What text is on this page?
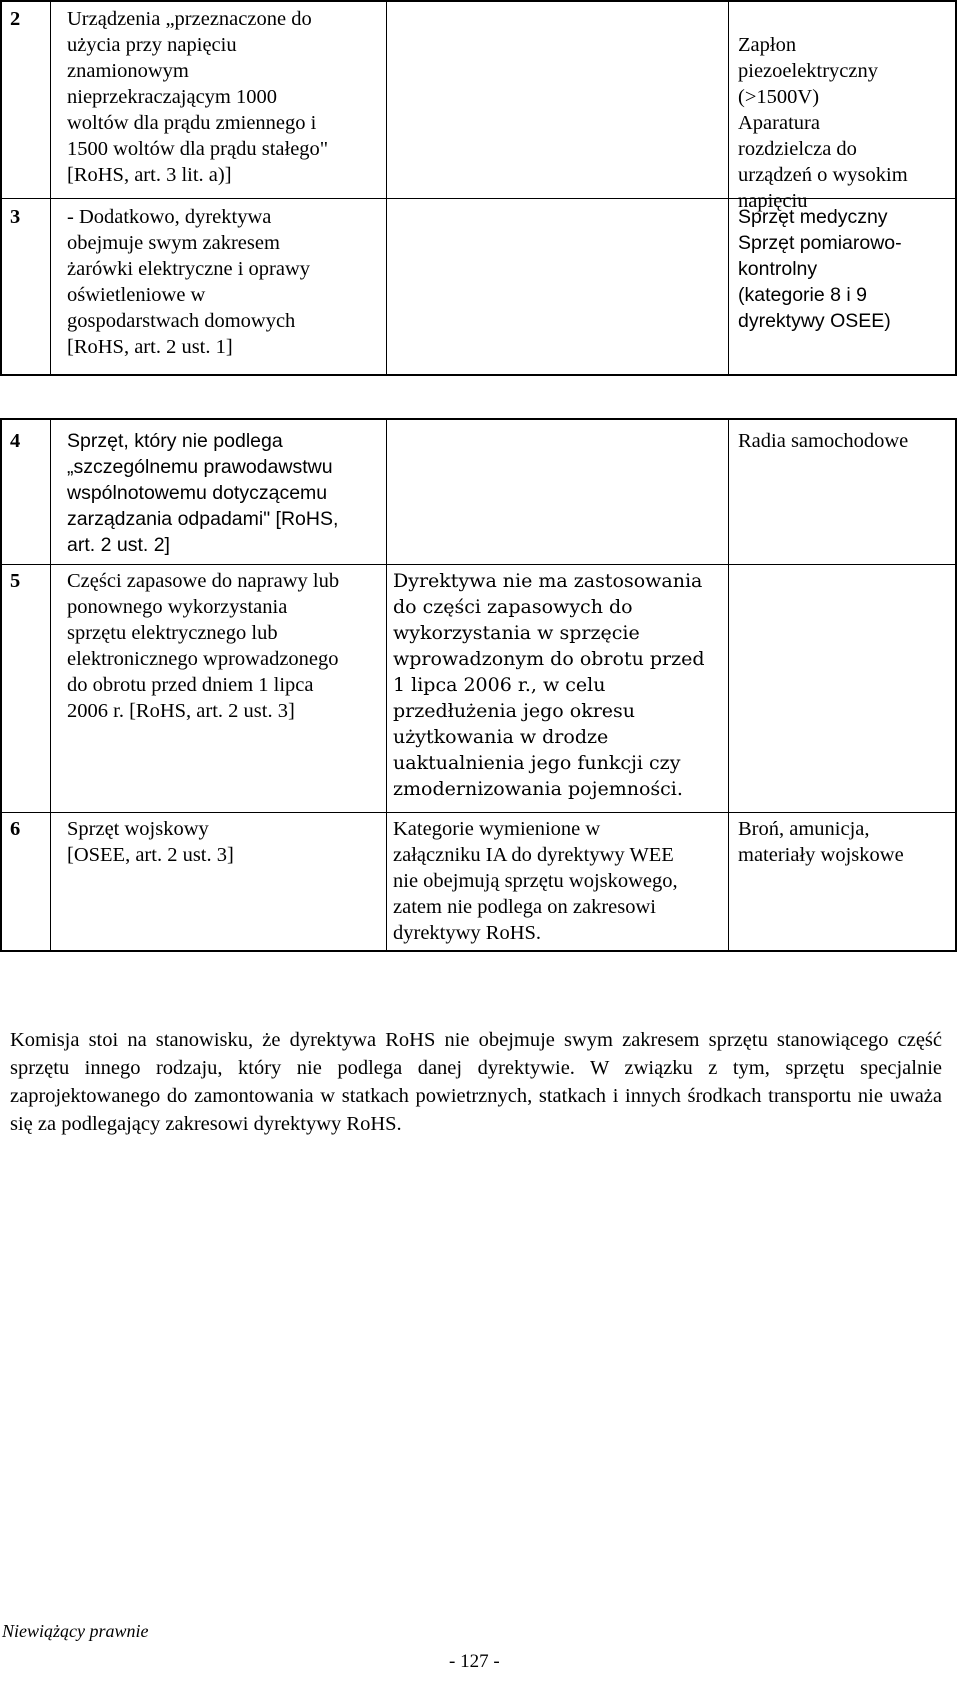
2 Urządzenia „przeznaczone do
użycia przy napięciu
znamionowym
nieprzekraczającym 1000
woltów dla prądu zmiennego i
1500 woltów dla prądu stałego"
[RoHS, art. 3 lit. a)]

Zapłon
piezoelektryczny
(>1500V)
Aparatura
rozdzielcza do
urządzeń o wysokim
napięciu

3 - Dodatkowo, dyrektywa
obejmuje swym zakresem
żarówki elektryczne i oprawy
oświetleniowe w
gospodarstwach domowych
[RoHS, art. 2 ust. 1]
Sprzęt medyczny
Sprzęt pomiarowo-
kontrolny
(kategorie 8 i 9
dyrektywy OSEE)
4 Sprzęt, który nie podlega
„szczególnemu prawodawstwu
wspólnotowemu dotyczącemu
zarządzania odpadami" [RoHS,
art. 2 ust. 2]
Radia samochodowe
5 Części zapasowe do naprawy lub
ponownego wykorzystania
sprzętu elektrycznego lub
elektronicznego wprowadzonego
do obrotu przed dniem 1 lipca
2006 r. [RoHS, art. 2 ust. 3]
Dyrektywa nie ma zastosowania
do części zapasowych do
wykorzystania w sprzęcie
wprowadzonym do obrotu przed
1 lipca 2006 r., w celu
przedłużenia jego okresu
użytkowania w drodze
uaktualnienia jego funkcji czy
zmodernizowania pojemności.
6 Sprzęt wojskowy
[OSEE, art. 2 ust. 3]
Kategorie wymienione w
załączniku IA do dyrektywy WEE
nie obejmują sprzętu wojskowego,
zatem nie podlega on zakresowi
dyrektywy RoHS.
Broń, amunicja,
materiały wojskowe

Komisja stoi na stanowisku, że dyrektywa RoHS nie obejmuje swym zakresem sprzętu stanowiącego część sprzętu innego rodzaju, który nie podlega danej dyrektywie. W związku z tym, sprzętu specjalnie zaprojektowanego do zamontowania w statkach powietrznych, statkach i innych środkach transportu nie uważa się za podlegający zakresowi dyrektywy RoHS.

Niewiążący prawnie
- 127 -
